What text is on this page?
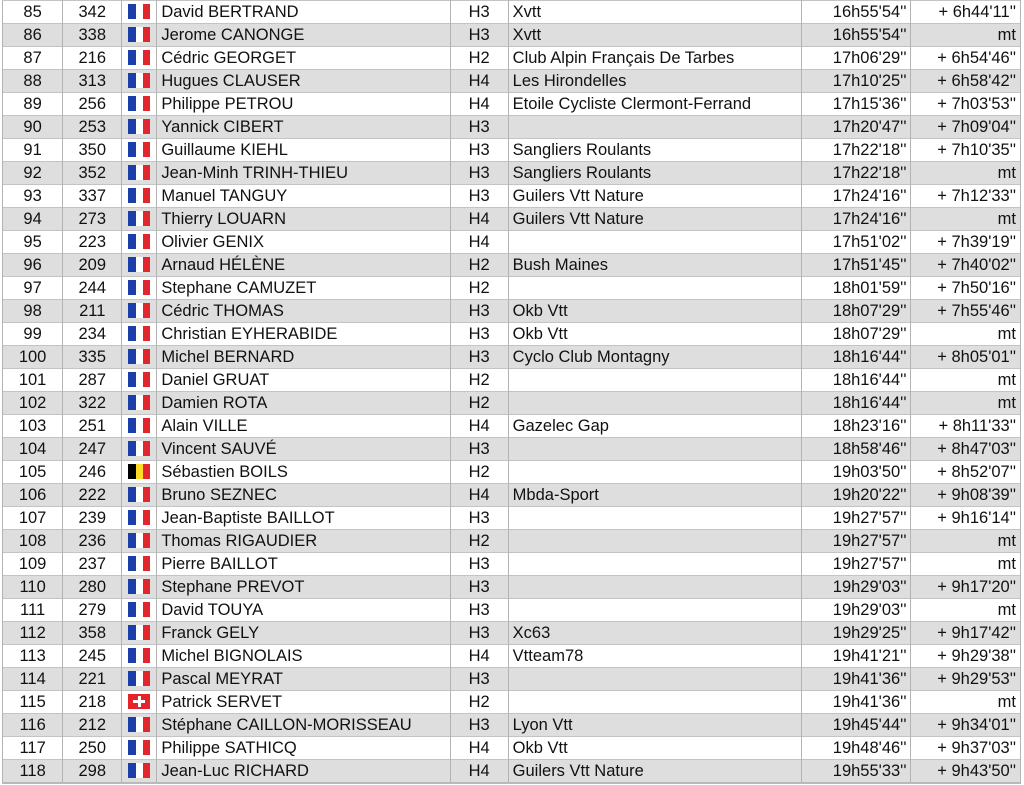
85	342		David BERTRAND	H3	Xvtt	16h55'54''	+ 6h44'11''
86	338		Jerome CANONGE	H3	Xvtt	16h55'54''	mt
87	216		Cédric GEORGET	H2	Club Alpin Français De Tarbes	17h06'29''	+ 6h54'46''
88	313		Hugues CLAUSER	H4	Les Hirondelles	17h10'25''	+ 6h58'42''
89	256		Philippe PETROU	H4	Etoile Cycliste Clermont-Ferrand	17h15'36''	+ 7h03'53''
90	253		Yannick CIBERT	H3		17h20'47''	+ 7h09'04''
91	350		Guillaume KIEHL	H3	Sangliers Roulants	17h22'18''	+ 7h10'35''
92	352		Jean-Minh TRINH-THIEU	H3	Sangliers Roulants	17h22'18''	mt
93	337		Manuel TANGUY	H3	Guilers Vtt Nature	17h24'16''	+ 7h12'33''
94	273		Thierry LOUARN	H4	Guilers Vtt Nature	17h24'16''	mt
95	223		Olivier GENIX	H4		17h51'02''	+ 7h39'19''
96	209		Arnaud HÉLÈNE	H2	Bush Maines	17h51'45''	+ 7h40'02''
97	244		Stephane CAMUZET	H2		18h01'59''	+ 7h50'16''
98	211		Cédric THOMAS	H3	Okb Vtt	18h07'29''	+ 7h55'46''
99	234		Christian EYHERABIDE	H3	Okb Vtt	18h07'29''	mt
100	335		Michel BERNARD	H3	Cyclo Club Montagny	18h16'44''	+ 8h05'01''
101	287		Daniel GRUAT	H2		18h16'44''	mt
102	322		Damien ROTA	H2		18h16'44''	mt
103	251		Alain VILLE	H4	Gazelec Gap	18h23'16''	+ 8h11'33''
104	247		Vincent SAUVÉ	H3		18h58'46''	+ 8h47'03''
105	246		Sébastien BOILS	H2		19h03'50''	+ 8h52'07''
106	222		Bruno SEZNEC	H4	Mbda-Sport	19h20'22''	+ 9h08'39''
107	239		Jean-Baptiste BAILLOT	H3		19h27'57''	+ 9h16'14''
108	236		Thomas RIGAUDIER	H2		19h27'57''	mt
109	237		Pierre BAILLOT	H3		19h27'57''	mt
110	280		Stephane PREVOT	H3		19h29'03''	+ 9h17'20''
111	279		David TOUYA	H3		19h29'03''	mt
112	358		Franck GELY	H3	Xc63	19h29'25''	+ 9h17'42''
113	245		Michel BIGNOLAIS	H4	Vtteam78	19h41'21''	+ 9h29'38''
114	221		Pascal MEYRAT	H3		19h41'36''	+ 9h29'53''
115	218		Patrick SERVET	H2		19h41'36''	mt
116	212		Stéphane CAILLON-MORISSEAU	H3	Lyon Vtt	19h45'44''	+ 9h34'01''
117	250		Philippe SATHICQ	H4	Okb Vtt	19h48'46''	+ 9h37'03''
118	298		Jean-Luc RICHARD	H4	Guilers Vtt Nature	19h55'33''	+ 9h43'50''
